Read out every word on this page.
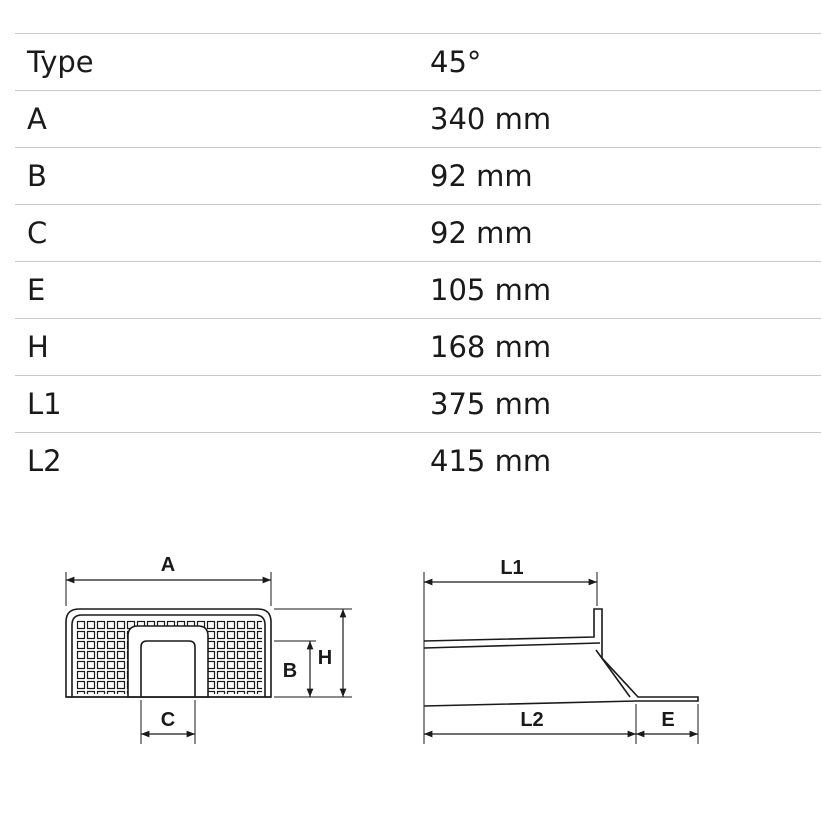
Type	45°
A	340 mm
B	92 mm
C	92 mm
E	105 mm
H	168 mm
L1	375 mm
L2	415 mm
A
C
B
H
L1
L2	E
